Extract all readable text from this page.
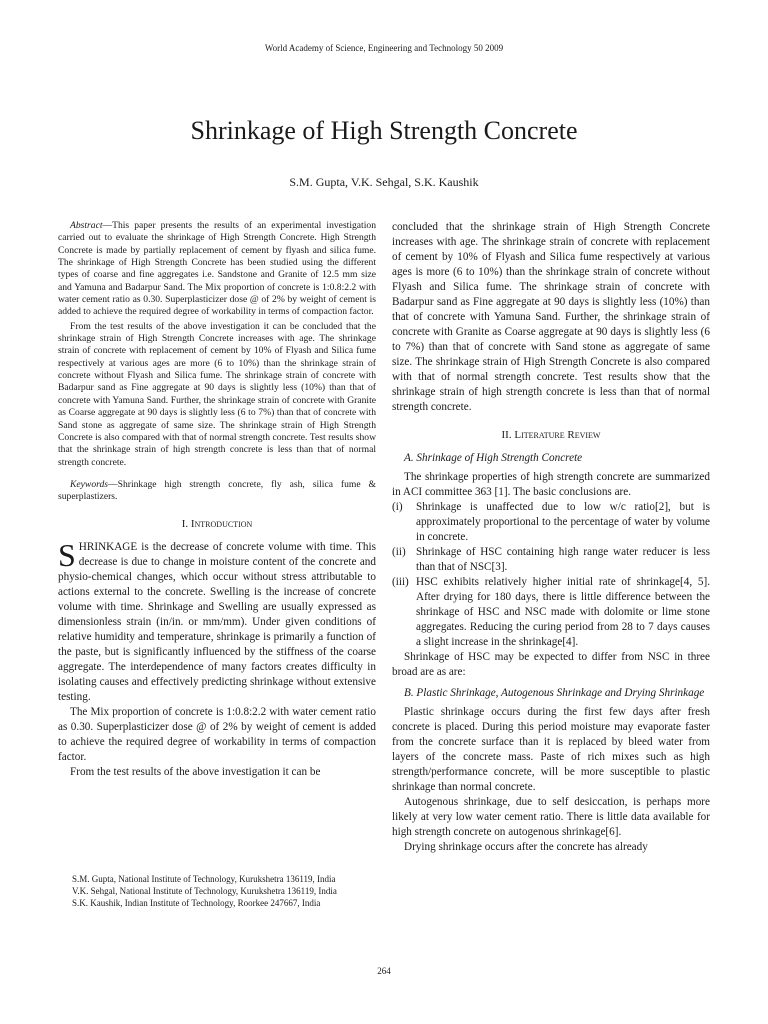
World Academy of Science, Engineering and Technology 50 2009
Shrinkage of High Strength Concrete
S.M. Gupta, V.K. Sehgal, S.K. Kaushik

Abstract—This paper presents the results of an experimental investigation carried out to evaluate the shrinkage of High Strength Concrete. High Strength Concrete is made by partially replacement of cement by flyash and silica fume. The shrinkage of High Strength Concrete has been studied using the different types of coarse and fine aggregates i.e. Sandstone and Granite of 12.5 mm size and Yamuna and Badarpur Sand. The Mix proportion of concrete is 1:0.8:2.2 with water cement ratio as 0.30. Superplasticizer dose @ of 2% by weight of cement is added to achieve the required degree of workability in terms of compaction factor.

From the test results of the above investigation it can be concluded that the shrinkage strain of High Strength Concrete increases with age. The shrinkage strain of concrete with replacement of cement by 10% of Flyash and Silica fume respectively at various ages are more (6 to 10%) than the shrinkage strain of concrete without Flyash and Silica fume. The shrinkage strain of concrete with Badarpur sand as Fine aggregate at 90 days is slightly less (10%) than that of concrete with Yamuna Sand. Further, the shrinkage strain of concrete with Granite as Coarse aggregate at 90 days is slightly less (6 to 7%) than that of concrete with Sand stone as aggregate of same size. The shrinkage strain of High Strength Concrete is also compared with that of normal strength concrete. Test results show that the shrinkage strain of high strength concrete is less than that of normal strength concrete.

Keywords—Shrinkage high strength concrete, fly ash, silica fume & superplastizers.

I. Introduction

SHRINKAGE is the decrease of concrete volume with time. This decrease is due to change in moisture content of the concrete and physio-chemical changes, which occur without stress attributable to actions external to the concrete. Swelling is the increase of concrete volume with time. Shrinkage and Swelling are usually expressed as dimensionless strain (in/in. or mm/mm). Under given conditions of relative humidity and temperature, shrinkage is primarily a function of the paste, but is significantly influenced by the stiffness of the coarse aggregate. The interdependence of many factors creates difficulty in isolating causes and effectively predicting shrinkage without extensive testing.

The Mix proportion of concrete is 1:0.8:2.2 with water cement ratio as 0.30. Superplasticizer dose @ of 2% by weight of cement is added to achieve the required degree of workability in terms of compaction factor.

From the test results of the above investigation it can be

concluded that the shrinkage strain of High Strength Concrete increases with age. The shrinkage strain of concrete with replacement of cement by 10% of Flyash and Silica fume respectively at various ages is more (6 to 10%) than the shrinkage strain of concrete without Flyash and Silica fume. The shrinkage strain of concrete with Badarpur sand as Fine aggregate at 90 days is slightly less (10%) than that of concrete with Yamuna Sand. Further, the shrinkage strain of concrete with Granite as Coarse aggregate at 90 days is slightly less (6 to 7%) than that of concrete with Sand stone as aggregate of same size. The shrinkage strain of High Strength Concrete is also compared with that of normal strength concrete. Test results show that the shrinkage strain of high strength concrete is less than that of normal strength concrete.

II. Literature Review
A. Shrinkage of High Strength Concrete

The shrinkage properties of high strength concrete are summarized in ACI committee 363 [1]. The basic conclusions are.

(i) Shrinkage is unaffected due to low w/c ratio[2], but is approximately proportional to the percentage of water by volume in concrete.
(ii) Shrinkage of HSC containing high range water reducer is less than that of NSC[3].
(iii) HSC exhibits relatively higher initial rate of shrinkage[4, 5]. After drying for 180 days, there is little difference between the shrinkage of HSC and NSC made with dolomite or lime stone aggregates. Reducing the curing period from 28 to 7 days causes a slight increase in the shrinkage[4].

Shrinkage of HSC may be expected to differ from NSC in three broad are as are:

B. Plastic Shrinkage, Autogenous Shrinkage and Drying Shrinkage

Plastic shrinkage occurs during the first few days after fresh concrete is placed. During this period moisture may evaporate faster from the concrete surface than it is replaced by bleed water from layers of the concrete mass. Paste of rich mixes such as high strength/performance concrete, will be more susceptible to plastic shrinkage than normal concrete.

Autogenous shrinkage, due to self desiccation, is perhaps more likely at very low water cement ratio. There is little data available for high strength concrete on autogenous shrinkage[6].

Drying shrinkage occurs after the concrete has already

S.M. Gupta, National Institute of Technology, Kurukshetra 136119, India
V.K. Sehgal, National Institute of Technology, Kurukshetra 136119, India
S.K. Kaushik, Indian Institute of Technology, Roorkee 247667, India
264
